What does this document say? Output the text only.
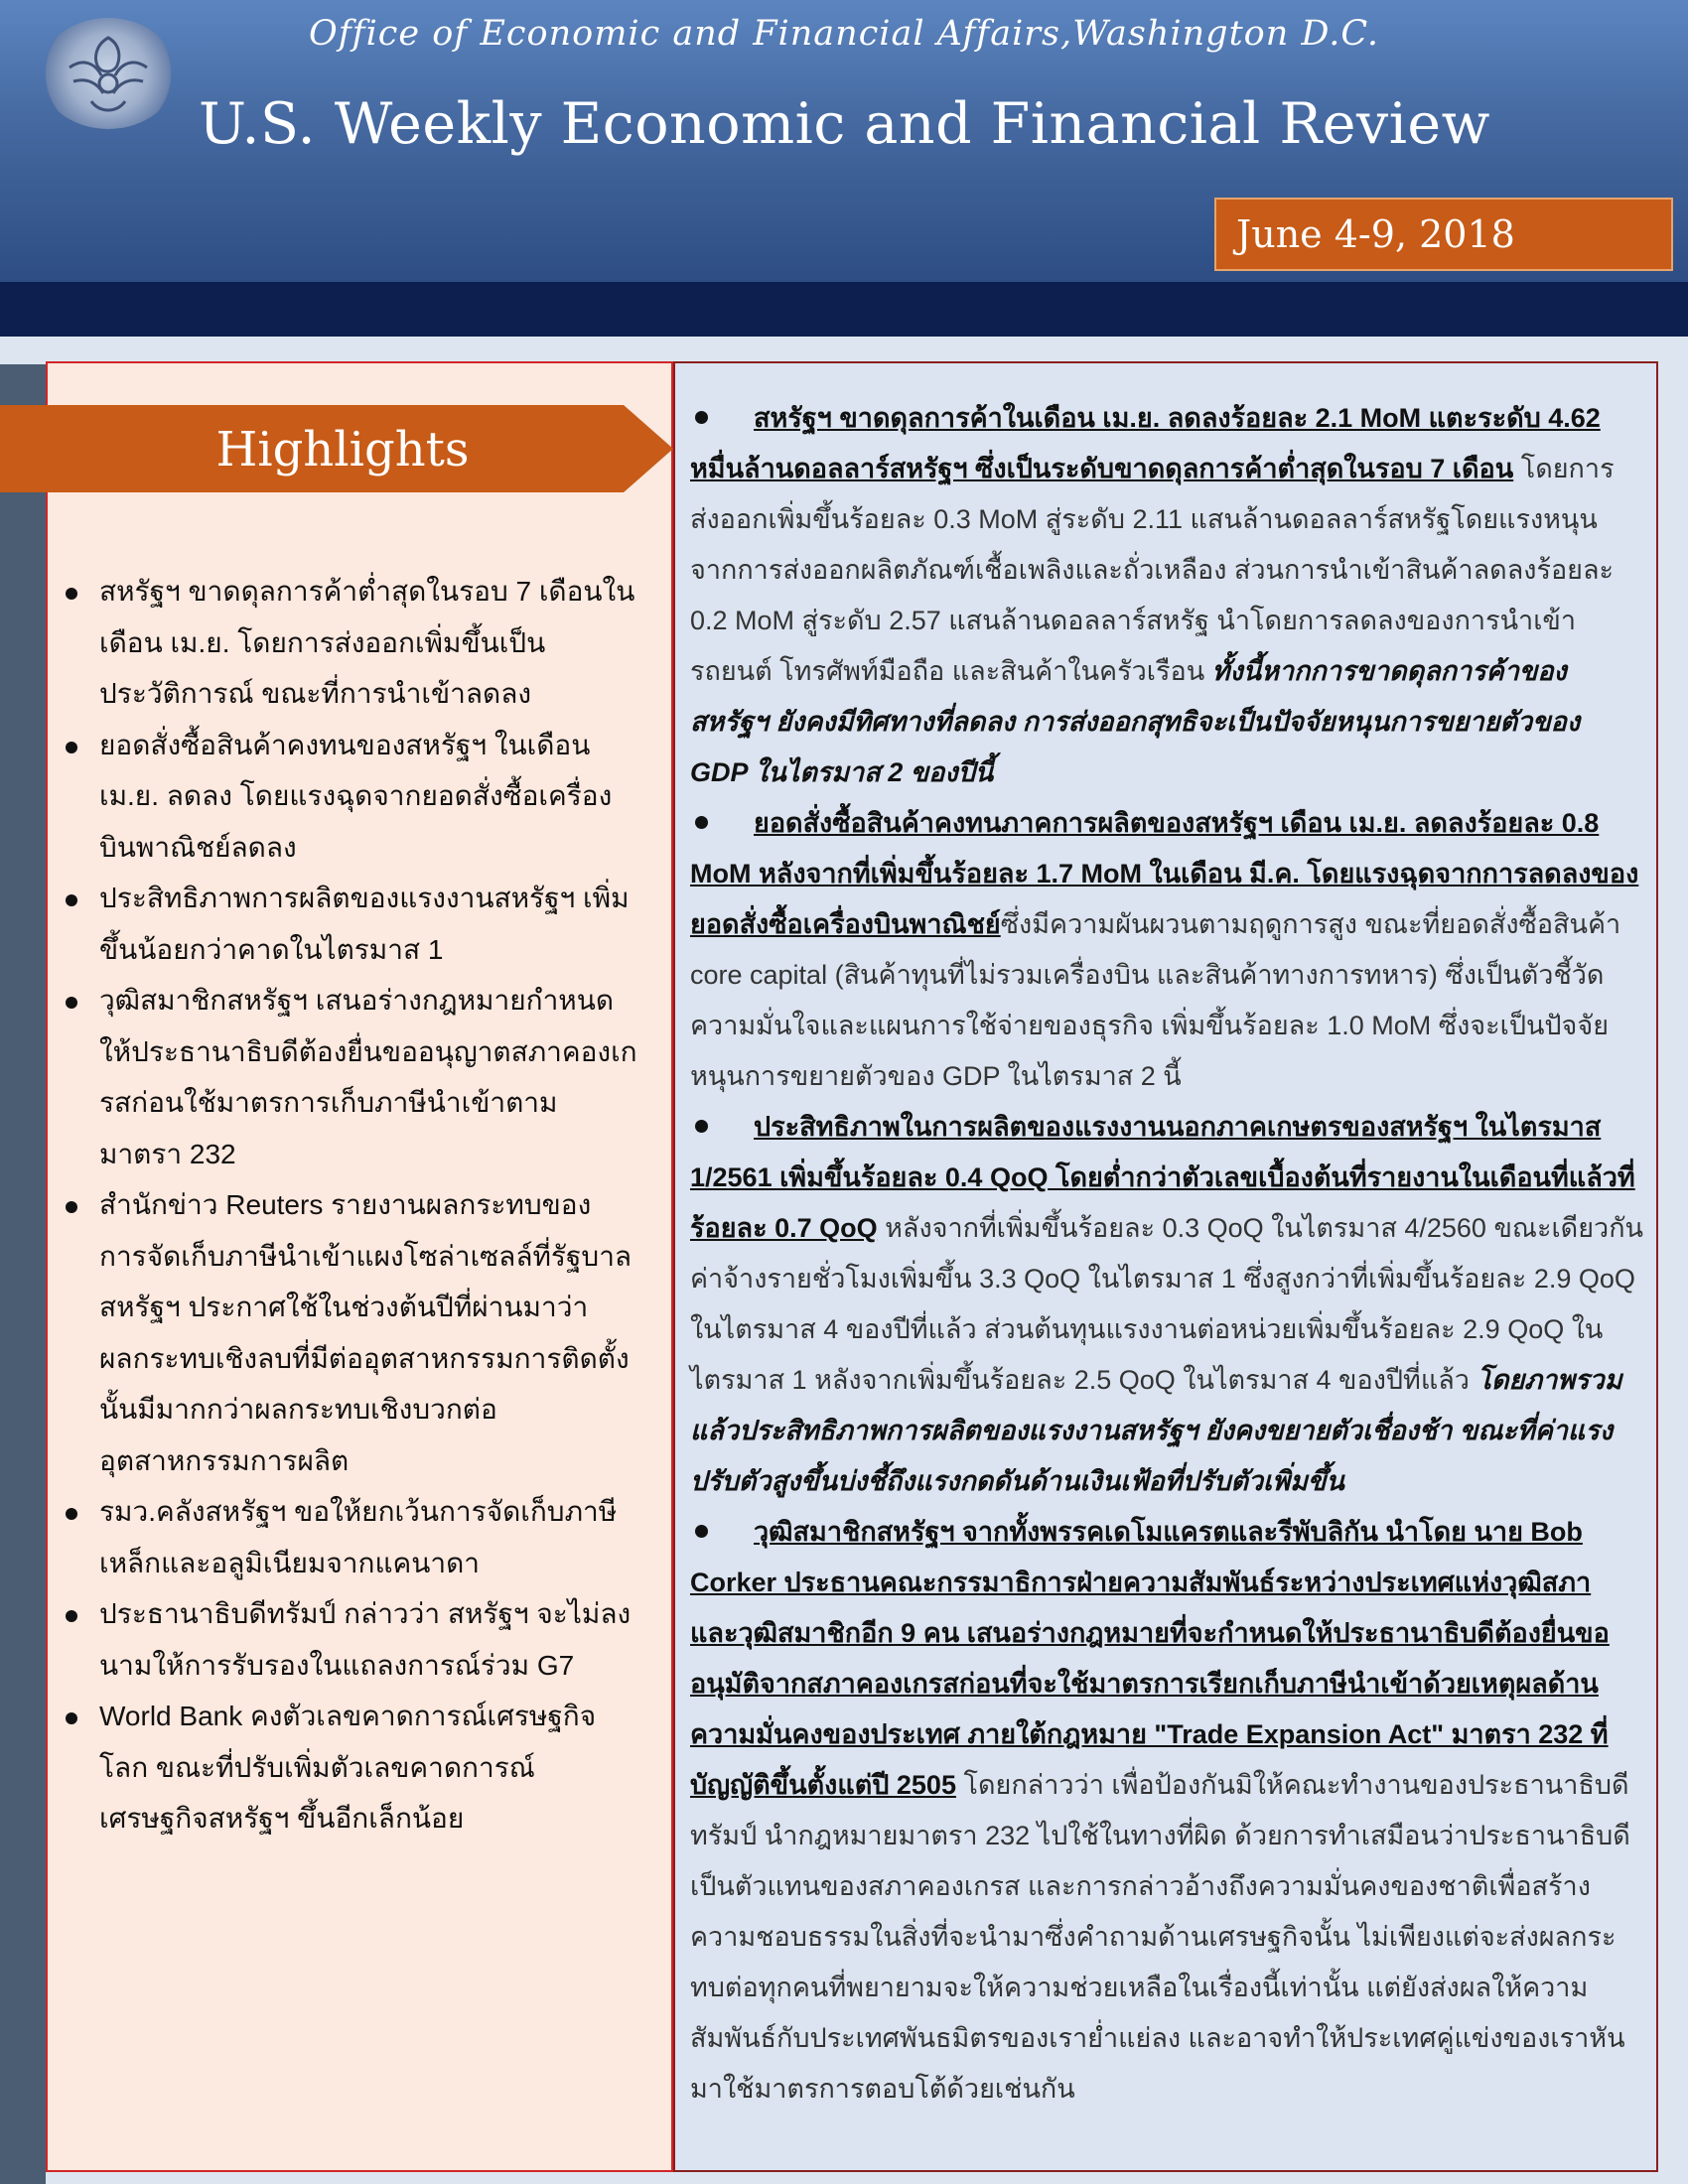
Office of Economic and Financial Affairs,Washington D.C.
U.S. Weekly Economic and Financial Review
June 4-9, 2018
Highlights
สหรัฐฯ ขาดดุลการค้าต่ำสุดในรอบ 7 เดือนในเดือน เม.ย. โดยการส่งออกเพิ่มขึ้นเป็นประวัติการณ์ ขณะที่การนำเข้าลดลง
ยอดสั่งซื้อสินค้าคงทนของสหรัฐฯ ในเดือน เม.ย. ลดลง โดยแรงฉุดจากยอดสั่งซื้อเครื่องบินพาณิชย์ลดลง
ประสิทธิภาพการผลิตของแรงงานสหรัฐฯ เพิ่มขึ้นน้อยกว่าคาดในไตรมาส 1
วุฒิสมาชิกสหรัฐฯ เสนอร่างกฎหมายกำหนดให้ประธานาธิบดีต้องยื่นขออนุญาตสภาคองเกรสก่อนใช้มาตรการเก็บภาษีนำเข้าตามมาตรา 232
สำนักข่าว Reuters รายงานผลกระทบของการจัดเก็บภาษีนำเข้าแผงโซล่าเซลล์ที่รัฐบาลสหรัฐฯ ประกาศใช้ในช่วงต้นปีที่ผ่านมาว่าผลกระทบเชิงลบที่มีต่ออุตสาหกรรมการติดตั้งนั้นมีมากกว่าผลกระทบเชิงบวกต่ออุตสาหกรรมการผลิต
รมว.คลังสหรัฐฯ ขอให้ยกเว้นการจัดเก็บภาษีเหล็กและอลูมิเนียมจากแคนาดา
ประธานาธิบดีทรัมป์ กล่าวว่า สหรัฐฯ จะไม่ลงนามให้การรับรองในแถลงการณ์ร่วม G7
World Bank คงตัวเลขคาดการณ์เศรษฐกิจโลก ขณะที่ปรับเพิ่มตัวเลขคาดการณ์เศรษฐกิจสหรัฐฯ ขึ้นอีกเล็กน้อย

สหรัฐฯ ขาดดุลการค้าในเดือน เม.ย. ลดลงร้อยละ 2.1 MoM แตะระดับ 4.62 หมื่นล้านดอลลาร์สหรัฐฯ ซึ่งเป็นระดับขาดดุลการค้าต่ำสุดในรอบ 7 เดือน โดยการส่งออกเพิ่มขึ้นร้อยละ 0.3 MoM สู่ระดับ 2.11 แสนล้านดอลลาร์สหรัฐโดยแรงหนุนจากการส่งออกผลิตภัณฑ์เชื้อเพลิงและถั่วเหลือง ส่วนการนำเข้าสินค้าลดลงร้อยละ 0.2 MoM สู่ระดับ 2.57 แสนล้านดอลลาร์สหรัฐ นำโดยการลดลงของการนำเข้ารถยนต์ โทรศัพท์มือถือ และสินค้าในครัวเรือน ทั้งนี้หากการขาดดุลการค้าของสหรัฐฯ ยังคงมีทิศทางที่ลดลง การส่งออกสุทธิจะเป็นปัจจัยหนุนการขยายตัวของ GDP ในไตรมาส 2 ของปีนี้

ยอดสั่งซื้อสินค้าคงทนภาคการผลิตของสหรัฐฯ เดือน เม.ย. ลดลงร้อยละ 0.8 MoM หลังจากที่เพิ่มขึ้นร้อยละ 1.7 MoM ในเดือน มี.ค. โดยแรงฉุดจากการลดลงของยอดสั่งซื้อเครื่องบินพาณิชย์ซึ่งมีความผันผวนตามฤดูการสูง ขณะที่ยอดสั่งซื้อสินค้า core capital (สินค้าทุนที่ไม่รวมเครื่องบิน และสินค้าทางการทหาร) ซึ่งเป็นตัวชี้วัดความมั่นใจและแผนการใช้จ่ายของธุรกิจ เพิ่มขึ้นร้อยละ 1.0 MoM ซึ่งจะเป็นปัจจัยหนุนการขยายตัวของ GDP ในไตรมาส 2 นี้

ประสิทธิภาพในการผลิตของแรงงานนอกภาคเกษตรของสหรัฐฯ ในไตรมาส 1/2561 เพิ่มขึ้นร้อยละ 0.4 QoQ โดยต่ำกว่าตัวเลขเบื้องต้นที่รายงานในเดือนที่แล้วที่ร้อยละ 0.7 QoQ หลังจากที่เพิ่มขึ้นร้อยละ 0.3 QoQ ในไตรมาส 4/2560 ขณะเดียวกัน ค่าจ้างรายชั่วโมงเพิ่มขึ้น 3.3 QoQ ในไตรมาส 1 ซึ่งสูงกว่าที่เพิ่มขึ้นร้อยละ 2.9 QoQ ในไตรมาส 4 ของปีที่แล้ว ส่วนต้นทุนแรงงานต่อหน่วยเพิ่มขึ้นร้อยละ 2.9 QoQ ในไตรมาส 1 หลังจากเพิ่มขึ้นร้อยละ 2.5 QoQ ในไตรมาส 4 ของปีที่แล้ว โดยภาพรวมแล้วประสิทธิภาพการผลิตของแรงงานสหรัฐฯ ยังคงขยายตัวเชื่องช้า ขณะที่ค่าแรงปรับตัวสูงขึ้นบ่งชี้ถึงแรงกดดันด้านเงินเฟ้อที่ปรับตัวเพิ่มขึ้น

วุฒิสมาชิกสหรัฐฯ จากทั้งพรรคเดโมแครตและรีพับลิกัน นำโดย นาย Bob Corker ประธานคณะกรรมาธิการฝ่ายความสัมพันธ์ระหว่างประเทศแห่งวุฒิสภา และวุฒิสมาชิกอีก 9 คน เสนอร่างกฎหมายที่จะกำหนดให้ประธานาธิบดีต้องยื่นขออนุมัติจากสภาคองเกรสก่อนที่จะใช้มาตรการเรียกเก็บภาษีนำเข้าด้วยเหตุผลด้านความมั่นคงของประเทศ ภายใต้กฎหมาย "Trade Expansion Act" มาตรา 232 ที่บัญญัติขึ้นตั้งแต่ปี 2505 โดยกล่าวว่า เพื่อป้องกันมิให้คณะทำงานของประธานาธิบดีทรัมป์ นำกฎหมายมาตรา 232 ไปใช้ในทางที่ผิด ด้วยการทำเสมือนว่าประธานาธิบดีเป็นตัวแทนของสภาคองเกรส และการกล่าวอ้างถึงความมั่นคงของชาติเพื่อสร้างความชอบธรรมในสิ่งที่จะนำมาซึ่งคำถามด้านเศรษฐกิจนั้น ไม่เพียงแต่จะส่งผลกระทบต่อทุกคนที่พยายามจะให้ความช่วยเหลือในเรื่องนี้เท่านั้น แต่ยังส่งผลให้ความสัมพันธ์กับประเทศพันธมิตรของเราย่ำแย่ลง และอาจทำให้ประเทศคู่แข่งของเราหันมาใช้มาตรการตอบโต้ด้วยเช่นกัน
